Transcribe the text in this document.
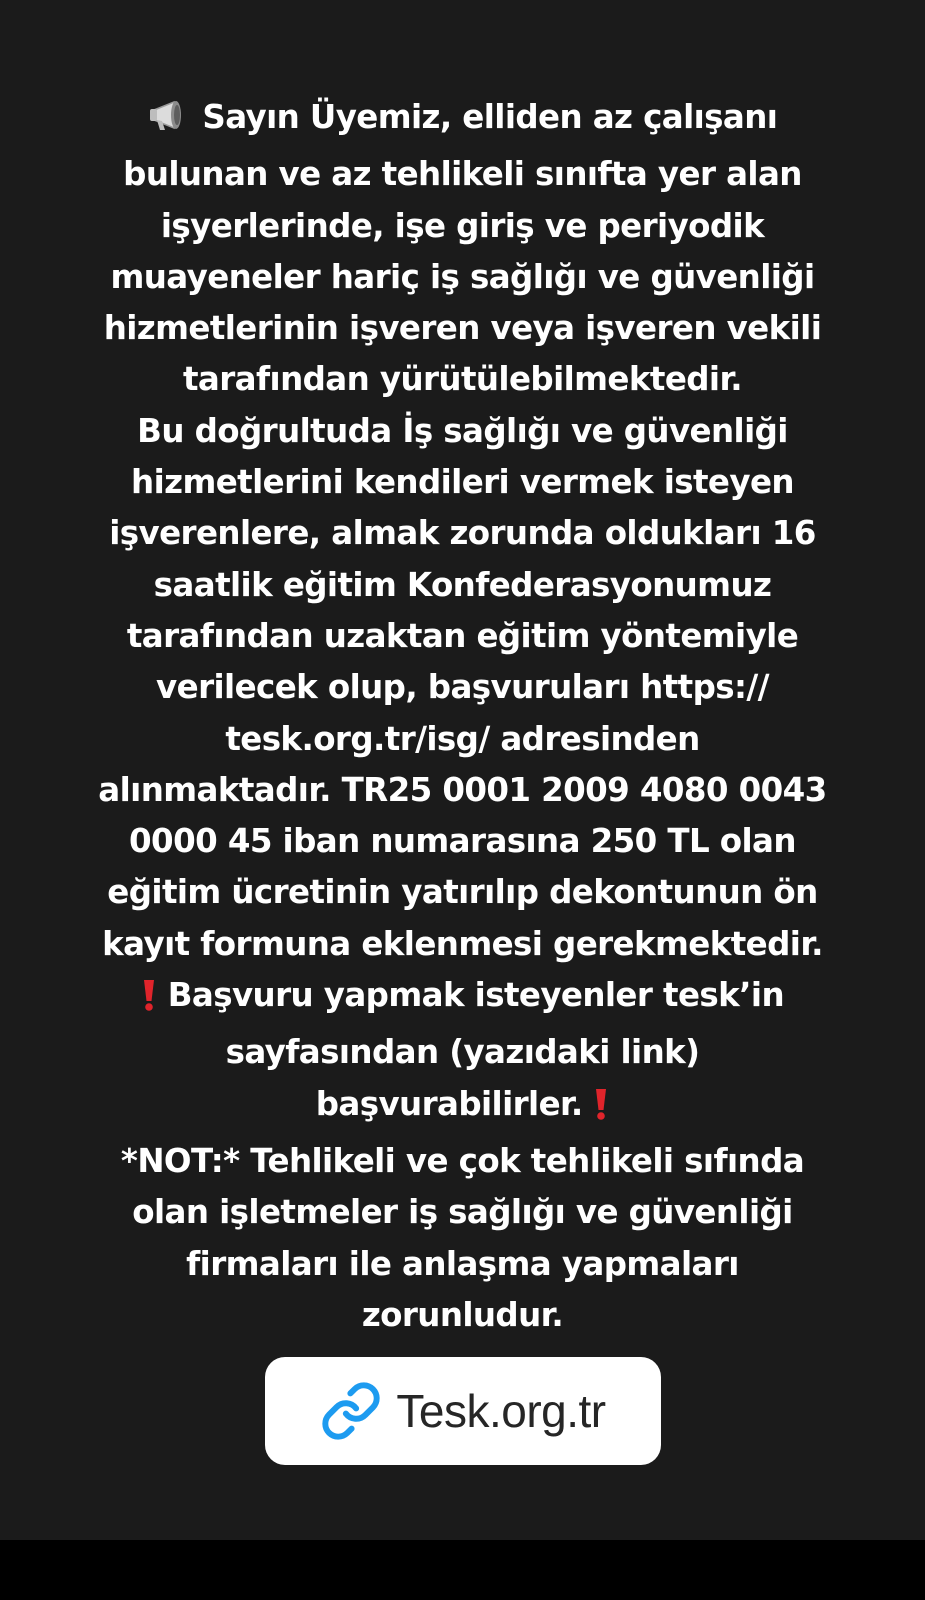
Sayın Üyemiz, elliden az çalışanı
bulunan ve az tehlikeli sınıfta yer alan
işyerlerinde, işe giriş ve periyodik
muayeneler hariç iş sağlığı ve güvenliği
hizmetlerinin işveren veya işveren vekili
tarafından yürütülebilmektedir.
Bu doğrultuda İş sağlığı ve güvenliği
hizmetlerini kendileri vermek isteyen
işverenlere, almak zorunda oldukları 16
saatlik eğitim Konfederasyonumuz
tarafından uzaktan eğitim yöntemiyle
verilecek olup, başvuruları https://
tesk.org.tr/isg/ adresinden
alınmaktadır. TR25 0001 2009 4080 0043
0000 45 iban numarasına 250 TL olan
eğitim ücretinin yatırılıp dekontunun ön
kayıt formuna eklenmesi gerekmektedir.
Başvuru yapmak isteyenler tesk’in
sayfasından (yazıdaki link)
başvurabilirler.
*NOT:* Tehlikeli ve çok tehlikeli sıfında
olan işletmeler iş sağlığı ve güvenliği
firmaları ile anlaşma yapmaları
zorunludur.

Tesk.org.tr
